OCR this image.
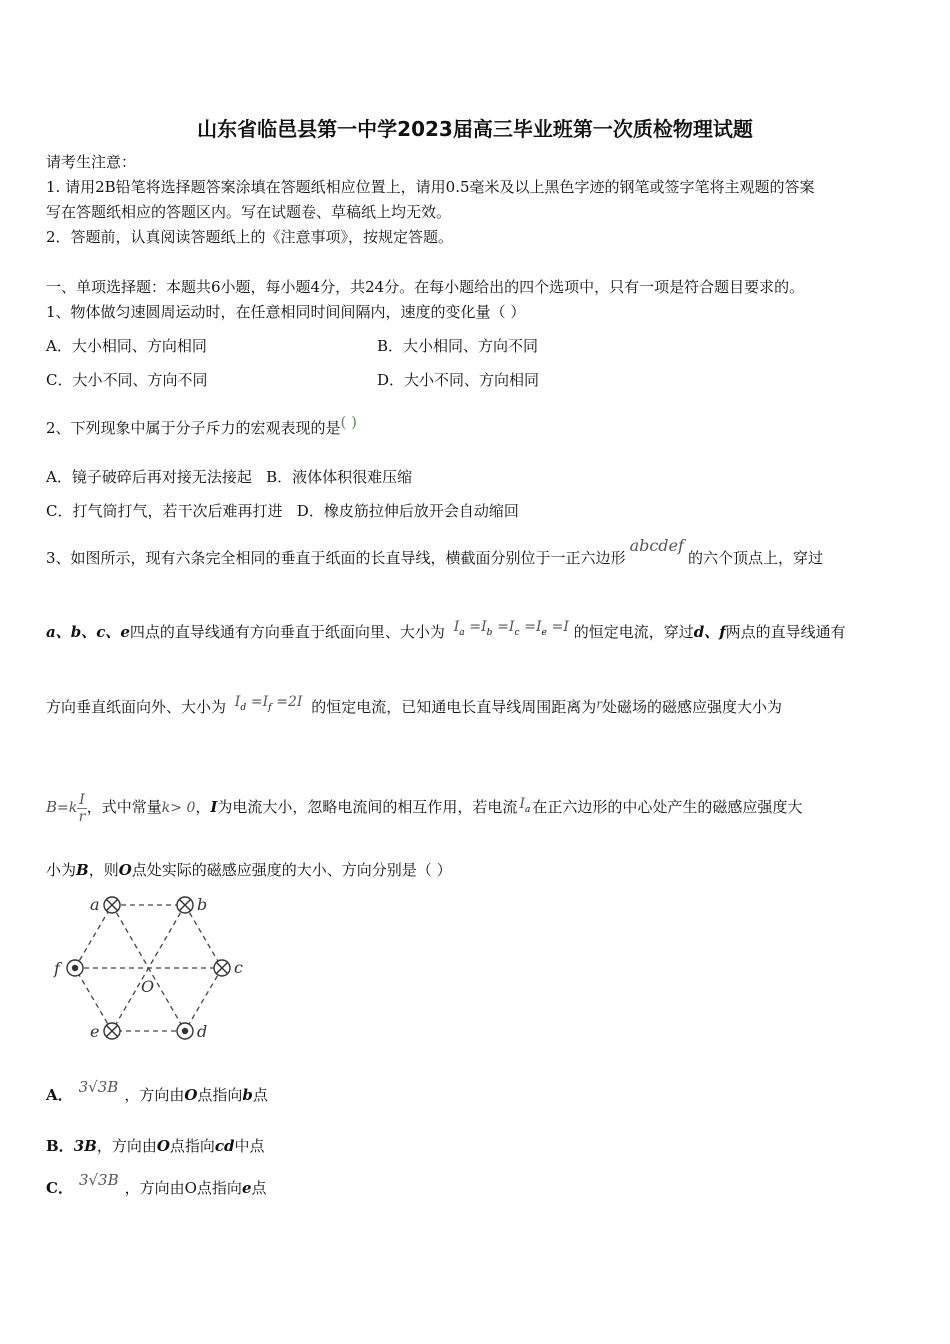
山东省临邑县第一中学2023届高三毕业班第一次质检物理试题
请考生注意：
1. 请用2B铅笔将选择题答案涂填在答题纸相应位置上，请用0.5毫米及以上黑色字迹的钢笔或签字笔将主观题的答案
写在答题纸相应的答题区内。写在试题卷、草稿纸上均无效。
2．答题前，认真阅读答题纸上的《注意事项》，按规定答题。
一、单项选择题：本题共6小题，每小题4分，共24分。在每小题给出的四个选项中，只有一项是符合题目要求的。
1、物体做匀速圆周运动时，在任意相同时间间隔内，速度的变化量（ ）
A．大小相同、方向相同	B．大小相同、方向不同
C．大小不同、方向不同	D．大小不同、方向相同
2、下列现象中属于分子斥力的宏观表现的是( )
A．镜子破碎后再对接无法接起 B．液体体积很难压缩
C．打气筒打气，若干次后难再打进 D．橡皮筋拉伸后放开会自动缩回
3、如图所示，现有六条完全相同的垂直于纸面的长直导线，横截面分别位于一正六边形abcdef的六个顶点上，穿过
a、b、c、e四点的直导线通有方向垂直于纸面向里、大小为 $I_a =I_b =I_c =I_e =I$ 的恒定电流，穿过d、f两点的直导线通有
方向垂直纸面向外、大小为 $I_d =I_f =2I$ 的恒定电流，已知通电长直导线周围距离为$^r$处磁场的磁感应强度大小为
$B=k \frac{I}{r}$ ，式中常量k> 0，I为电流大小，忽略电流间的相互作用，若电流 $I_a$ 在正六边形的中心处产生的磁感应强度大
小为B，则O点处实际的磁感应强度的大小、方向分别是（ ）
a	b
c
d
e
f
O
A． 3√3B ，方向由O点指向b点
B．3B，方向由O点指向cd中点
C． 3√3B ，方向由O点指向e点
